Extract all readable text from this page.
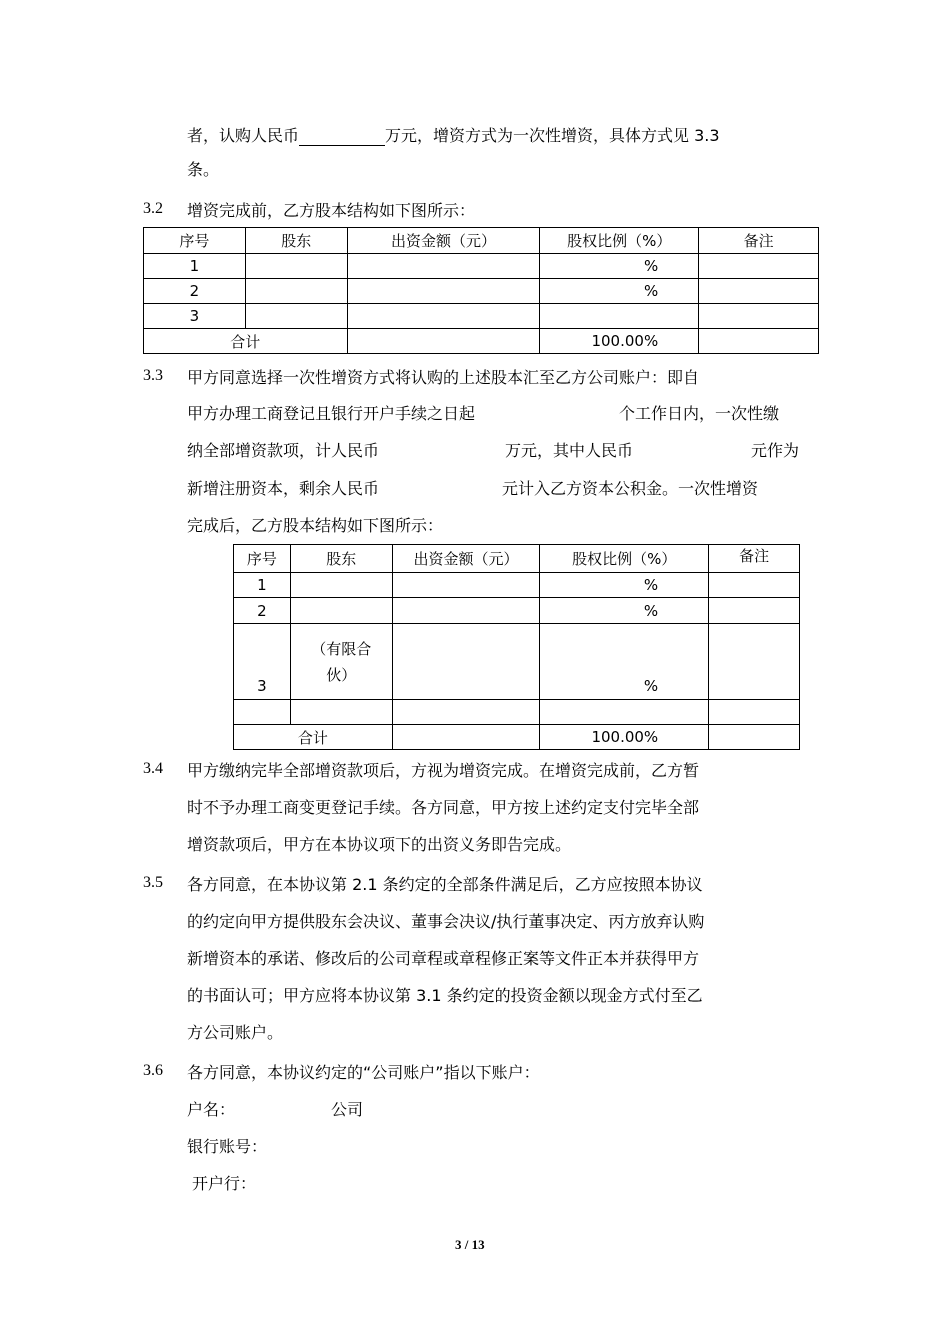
者，认购人民币	万元，增资方式为一次性增资，具体方式见 3.3
条。
3.2 增资完成前，乙方股本结构如下图所示：
序号	股东	出资金额（元）	股权比例（%）	备注
1			%	
2			%	
3				
合计			100.00%	
3.3 甲方同意选择一次性增资方式将认购的上述股本汇至乙方公司账户：即自
甲方办理工商登记且银行开户手续之日起	个工作日内，一次性缴
纳全部增资款项，计人民币	万元，其中人民币	元作为
新增注册资本，剩余人民币	元计入乙方资本公积金。一次性增资
完成后，乙方股本结构如下图所示：
序号	股东	出资金额（元）	股权比例（%）	备注
1			%	
2			%	
3	（有限合伙）		%	

合计			100.00%	
3.4 甲方缴纳完毕全部增资款项后，方视为增资完成。在增资完成前，乙方暂
时不予办理工商变更登记手续。各方同意，甲方按上述约定支付完毕全部
增资款项后，甲方在本协议项下的出资义务即告完成。
3.5 各方同意，在本协议第 2.1 条约定的全部条件满足后，乙方应按照本协议
的约定向甲方提供股东会决议、董事会决议/执行董事决定、丙方放弃认购
新增资本的承诺、修改后的公司章程或章程修正案等文件正本并获得甲方
的书面认可；甲方应将本协议第 3.1 条约定的投资金额以现金方式付至乙
方公司账户。
3.6 各方同意，本协议约定的“公司账户”指以下账户：
户名：	公司
银行账号：
开户行：
3 / 13
